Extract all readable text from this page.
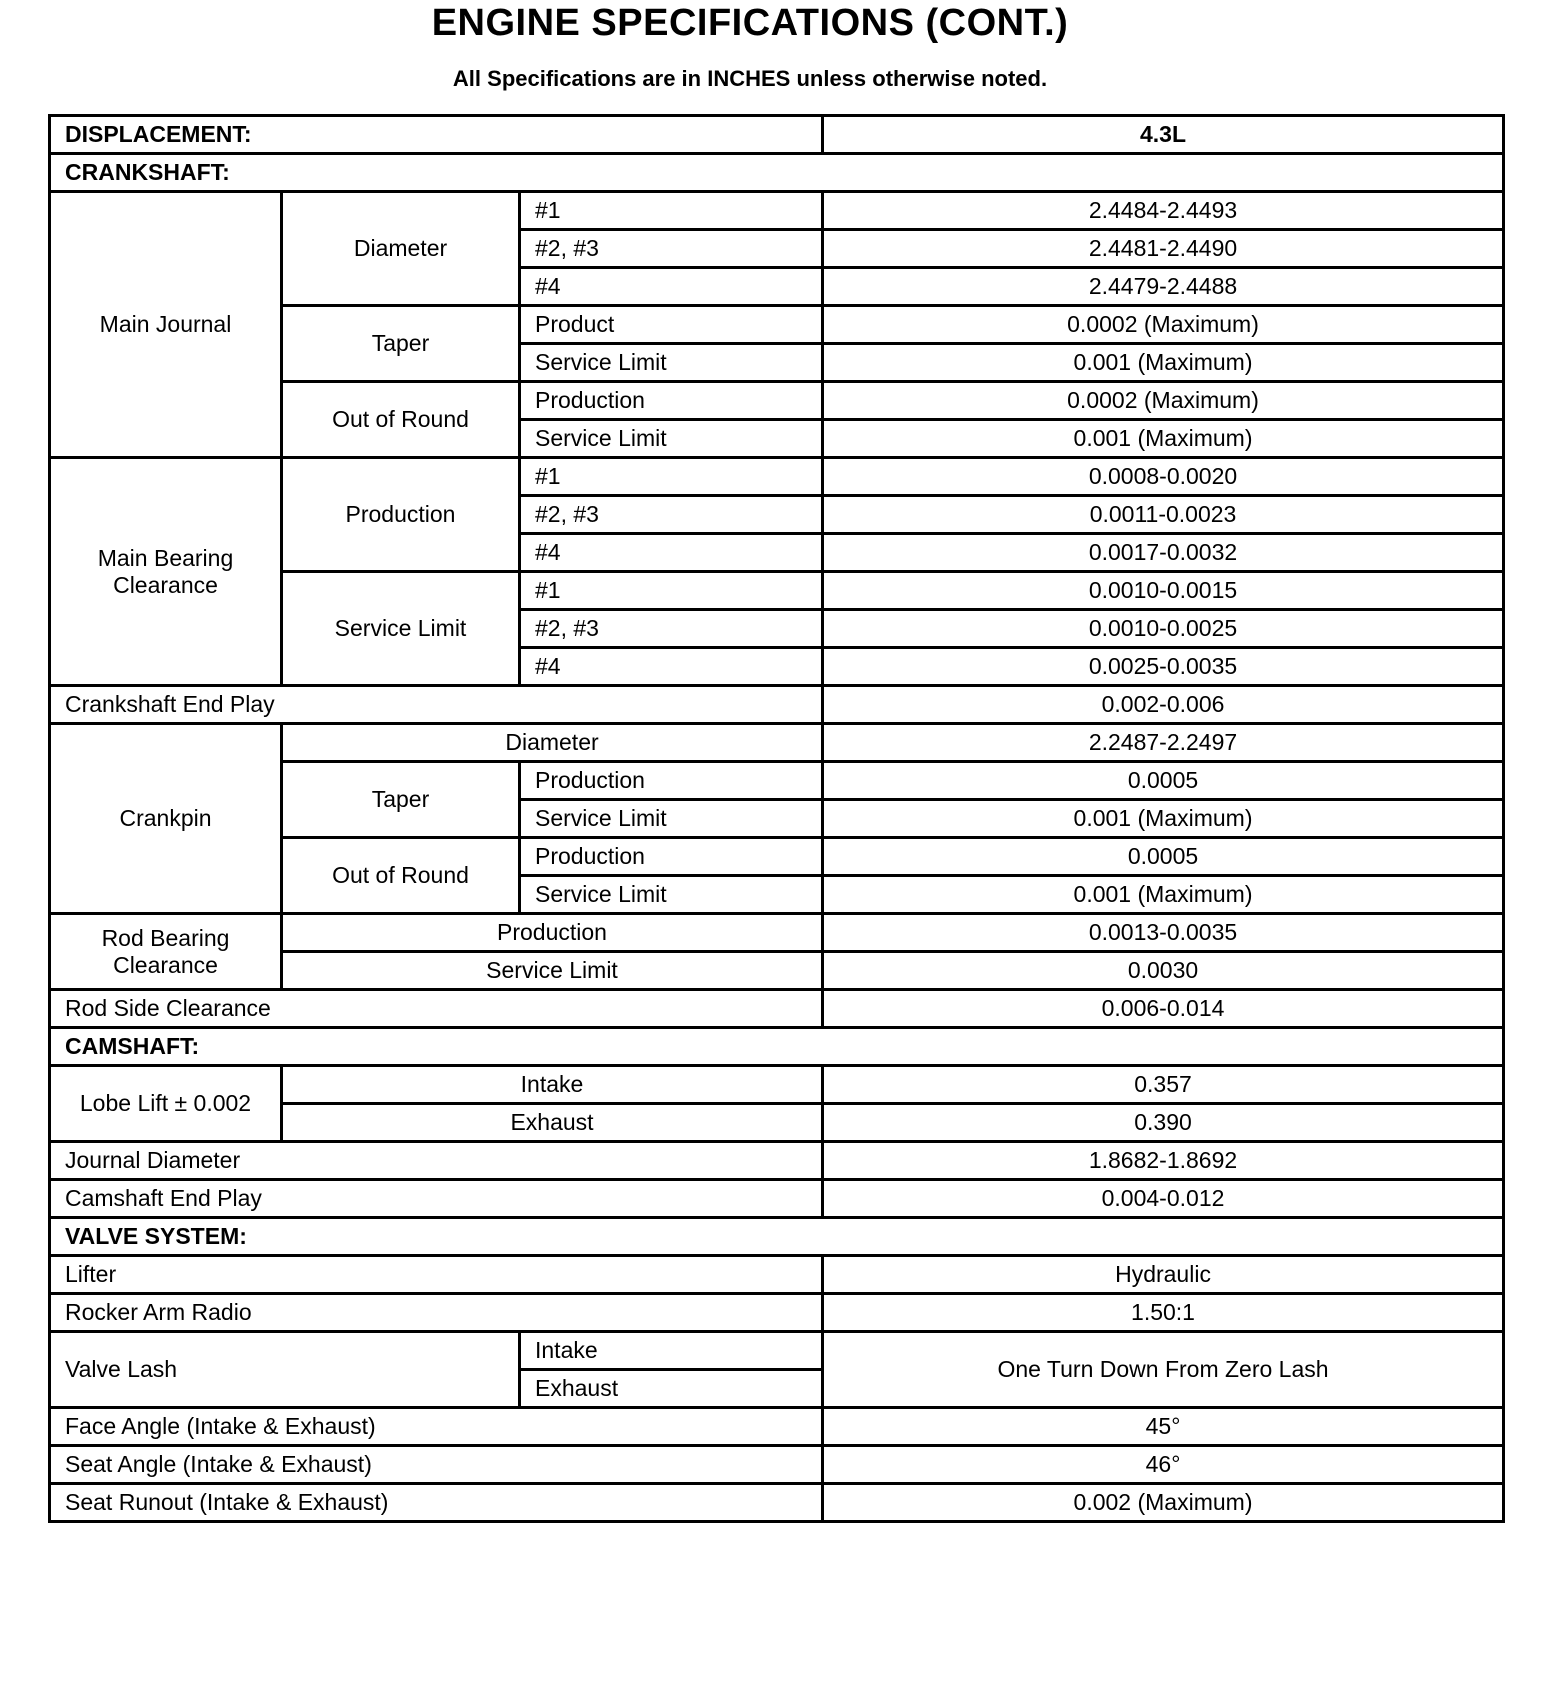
ENGINE SPECIFICATIONS (CONT.)
All Specifications are in INCHES unless otherwise noted.
DISPLACEMENT:			4.3L
CRANKSHAFT:			
Main Journal	Diameter	#1	2.4484-2.4493
		#2, #3	2.4481-2.4490
		#4	2.4479-2.4488
	Taper	Product	0.0002 (Maximum)
		Service Limit	0.001 (Maximum)
	Out of Round	Production	0.0002 (Maximum)
		Service Limit	0.001 (Maximum)
Main Bearing Clearance	Production	#1	0.0008-0.0020
		#2, #3	0.0011-0.0023
		#4	0.0017-0.0032
	Service Limit	#1	0.0010-0.0015
		#2, #3	0.0010-0.0025
		#4	0.0025-0.0035
Crankshaft End Play			0.002-0.006
Crankpin	Diameter		2.2487-2.2497
	Taper	Production	0.0005
		Service Limit	0.001 (Maximum)
	Out of Round	Production	0.0005
		Service Limit	0.001 (Maximum)
Rod Bearing Clearance	Production		0.0013-0.0035
	Service Limit		0.0030
Rod Side Clearance			0.006-0.014
CAMSHAFT:			
Lobe Lift ± 0.002	Intake		0.357
	Exhaust		0.390
Journal Diameter			1.8682-1.8692
Camshaft End Play			0.004-0.012
VALVE SYSTEM:			
Lifter			Hydraulic
Rocker Arm Radio			1.50:1
Valve Lash		Intake	One Turn Down From Zero Lash
		Exhaust	
Face Angle (Intake & Exhaust)			45°
Seat Angle (Intake & Exhaust)			46°
Seat Runout (Intake & Exhaust)			0.002 (Maximum)
